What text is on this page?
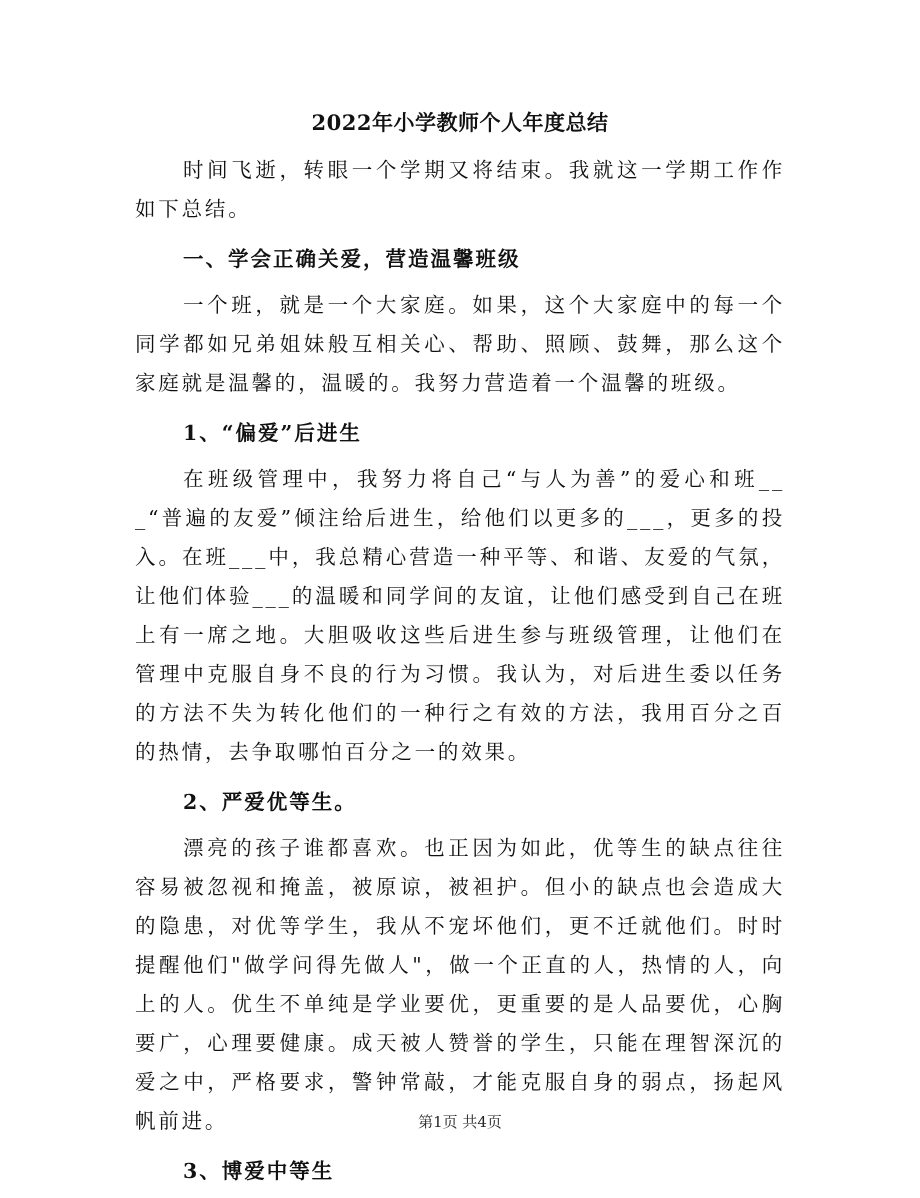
2022年小学教师个人年度总结

时间飞逝，转眼一个学期又将结束。我就这一学期工作作如下总结。

一、学会正确关爱，营造温馨班级

一个班，就是一个大家庭。如果，这个大家庭中的每一个同学都如兄弟姐妹般互相关心、帮助、照顾、鼓舞，那么这个家庭就是温馨的，温暖的。我努力营造着一个温馨的班级。

1、“偏爱”后进生

在班级管理中，我努力将自己“与人为善”的爱心和班___“普遍的友爱”倾注给后进生，给他们以更多的___，更多的投入。在班___中，我总精心营造一种平等、和谐、友爱的气氛，让他们体验___的温暖和同学间的友谊，让他们感受到自己在班上有一席之地。大胆吸收这些后进生参与班级管理，让他们在管理中克服自身不良的行为习惯。我认为，对后进生委以任务的方法不失为转化他们的一种行之有效的方法，我用百分之百的热情，去争取哪怕百分之一的效果。

2、严爱优等生。

漂亮的孩子谁都喜欢。也正因为如此，优等生的缺点往往容易被忽视和掩盖，被原谅，被袒护。但小的缺点也会造成大的隐患，对优等学生，我从不宠坏他们，更不迁就他们。时时提醒他们"做学问得先做人"，做一个正直的人，热情的人，向上的人。优生不单纯是学业要优，更重要的是人品要优，心胸要广，心理要健康。成天被人赞誉的学生，只能在理智深沉的爱之中，严格要求，警钟常敲，才能克服自身的弱点，扬起风帆前进。

3、博爱中等生

第1页 共4页
